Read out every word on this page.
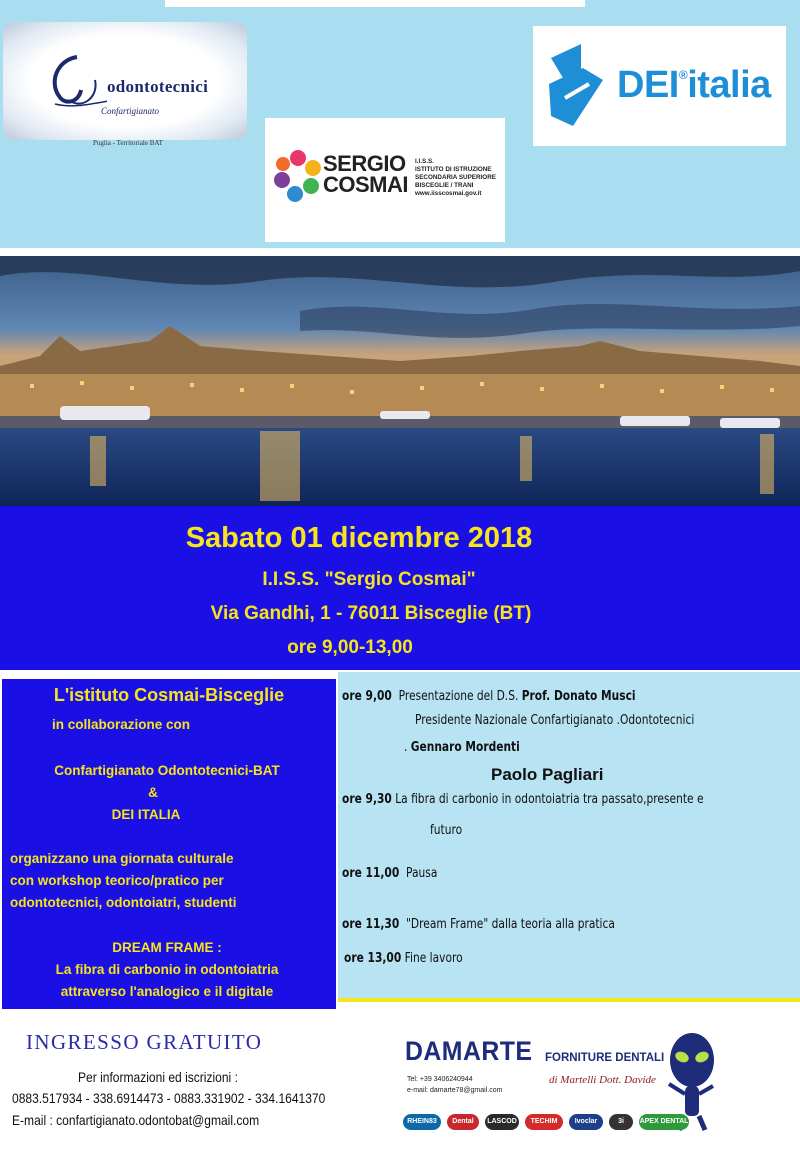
odontotecnici
Confartigianato
Puglia - Territoriale BAT
DEI®italia
SERGIO
COSMAI
I.I.S.S.
ISTITUTO DI ISTRUZIONE
SECONDARIA SUPERIORE
BISCEGLIE / TRANI
www.iisscosmai.gov.it
Sabato 01 dicembre 2018
I.I.S.S. "Sergio Cosmai"
Via Gandhi, 1 - 76011 Bisceglie (BT)
ore 9,00-13,00
L'istituto Cosmai-Bisceglie
in collaborazione con
Confartigianato Odontotecnici-BAT
&
DEI ITALIA
organizzano una giornata culturale
con workshop teorico/pratico per
odontotecnici, odontoiatri, studenti
DREAM FRAME :
La fibra di carbonio in odontoiatria
attraverso l'analogico e il digitale
ore 9,00 Presentazione del D.S. Prof. Donato Musci
Presidente Nazionale Confartigianato .Odontotecnici
. Gennaro Mordenti
Paolo Pagliari
ore 9,30 La fibra di carbonio in odontoiatria tra passato,presente e
futuro
ore 11,00 Pausa
ore 11,30 "Dream Frame" dalla teoria alla pratica
ore 13,00 Fine lavoro
INGRESSO GRATUITO
Per informazioni ed iscrizioni :
0883.517934 - 338.6914473 - 0883.331902 - 334.1641370
E-mail : confartigianato.odontobat@gmail.com
DAMARTE FORNITURE DENTALI
di Martelli Dott. Davide
Tel: +39 3406240944
e-mail: damarte78@gmail.com
RHEIN83	Dental	LASCOD	TECHIM	Ivoclar	3i	APEX DENTAL
